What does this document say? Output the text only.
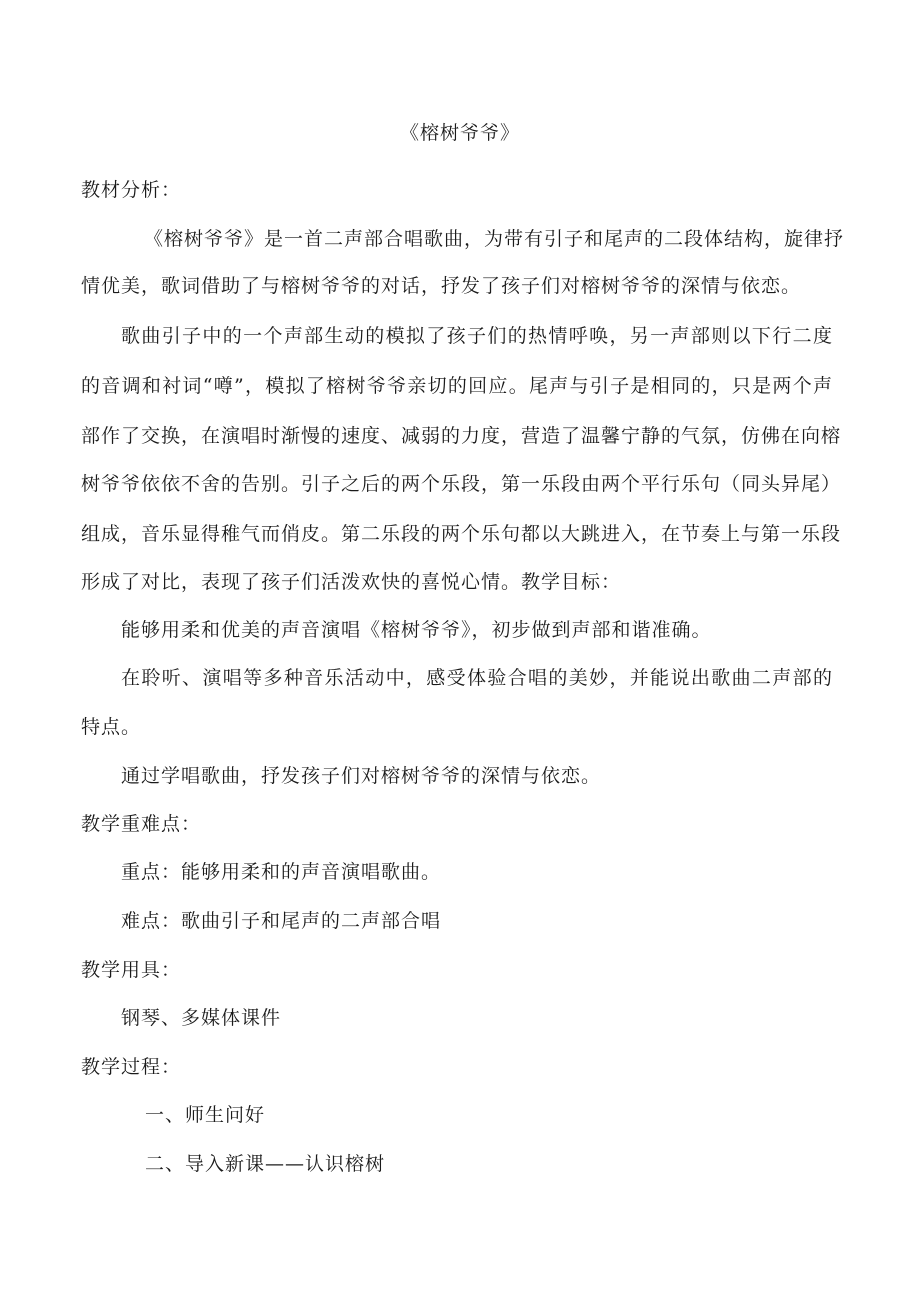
《榕树爷爷》
教材分析：
《榕树爷爷》是一首二声部合唱歌曲，为带有引子和尾声的二段体结构，旋律抒
情优美，歌词借助了与榕树爷爷的对话，抒发了孩子们对榕树爷爷的深情与依恋。
歌曲引子中的一个声部生动的模拟了孩子们的热情呼唤，另一声部则以下行二度
的音调和衬词“噂”，模拟了榕树爷爷亲切的回应。尾声与引子是相同的，只是两个声
部作了交换，在演唱时渐慢的速度、减弱的力度，营造了温馨宁静的气氛，仿佛在向榕
树爷爷依依不舍的告别。引子之后的两个乐段，第一乐段由两个平行乐句（同头异尾）
组成，音乐显得稚气而俏皮。第二乐段的两个乐句都以大跳进入，在节奏上与第一乐段
形成了对比，表现了孩子们活泼欢快的喜悦心情。教学目标：
能够用柔和优美的声音演唱《榕树爷爷》，初步做到声部和谐准确。
在聆听、演唱等多种音乐活动中，感受体验合唱的美妙，并能说出歌曲二声部的
特点。
通过学唱歌曲，抒发孩子们对榕树爷爷的深情与依恋。
教学重难点：
重点：能够用柔和的声音演唱歌曲。
难点：歌曲引子和尾声的二声部合唱
教学用具：
钢琴、多媒体课件
教学过程：
一、师生问好
二、导入新课——认识榕树
